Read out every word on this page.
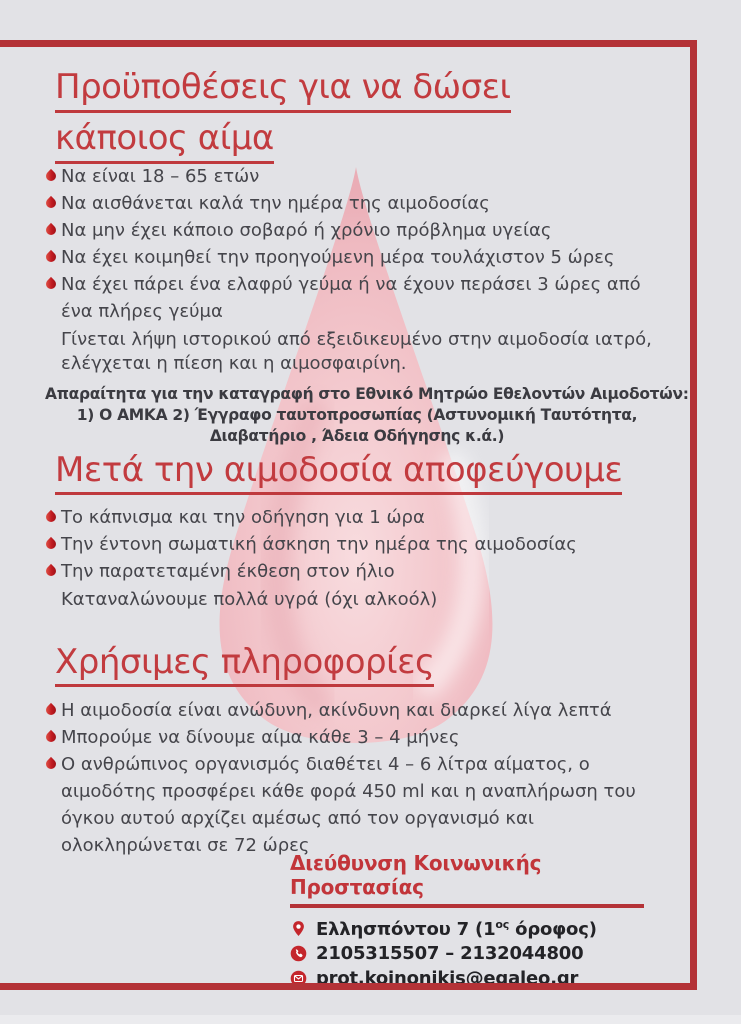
Προϋποθέσεις για να δώσει
κάποιος αίμα
Να είναι 18 – 65 ετών
Να αισθάνεται καλά την ημέρα της αιμοδοσίας
Να μην έχει κάποιο σοβαρό ή χρόνιο πρόβλημα υγείας
Να έχει κοιμηθεί την προηγούμενη μέρα τουλάχιστον 5 ώρες
Να έχει πάρει ένα ελαφρύ γεύμα ή να έχουν περάσει 3 ώρες από ένα πλήρες γεύμα
Γίνεται λήψη ιστορικού από εξειδικευμένο στην αιμοδοσία ιατρό, ελέγχεται η πίεση και η αιμοσφαιρίνη.
Απαραίτητα για την καταγραφή στο Εθνικό Μητρώο Εθελοντών Αιμοδοτών:
1) Ο ΑΜΚΑ 2) Έγγραφο ταυτοπροσωπίας (Αστυνομική Ταυτότητα,
Διαβατήριο , Άδεια Οδήγησης κ.ά.)
Μετά την αιμοδοσία αποφεύγουμε
Το κάπνισμα και την οδήγηση για 1 ώρα
Την έντονη σωματική άσκηση την ημέρα της αιμοδοσίας
Την παρατεταμένη έκθεση στον ήλιο
Καταναλώνουμε πολλά υγρά (όχι αλκοόλ)
Χρήσιμες πληροφορίες
Η αιμοδοσία είναι ανώδυνη, ακίνδυνη και διαρκεί λίγα λεπτά
Μπορούμε να δίνουμε αίμα κάθε 3 – 4 μήνες
Ο ανθρώπινος οργανισμός διαθέτει 4 – 6 λίτρα αίματος, ο αιμοδότης προσφέρει κάθε φορά 450 ml και η αναπλήρωση του όγκου αυτού αρχίζει αμέσως από τον οργανισμό και ολοκληρώνεται σε 72 ώρες
Διεύθυνση Κοινωνικής Προστασίας
Ελλησπόντου 7 ($1^{o\varsigma}$ όροφος)
2105315507 – 2132044800
prot.koinonikis@egaleo.gr
